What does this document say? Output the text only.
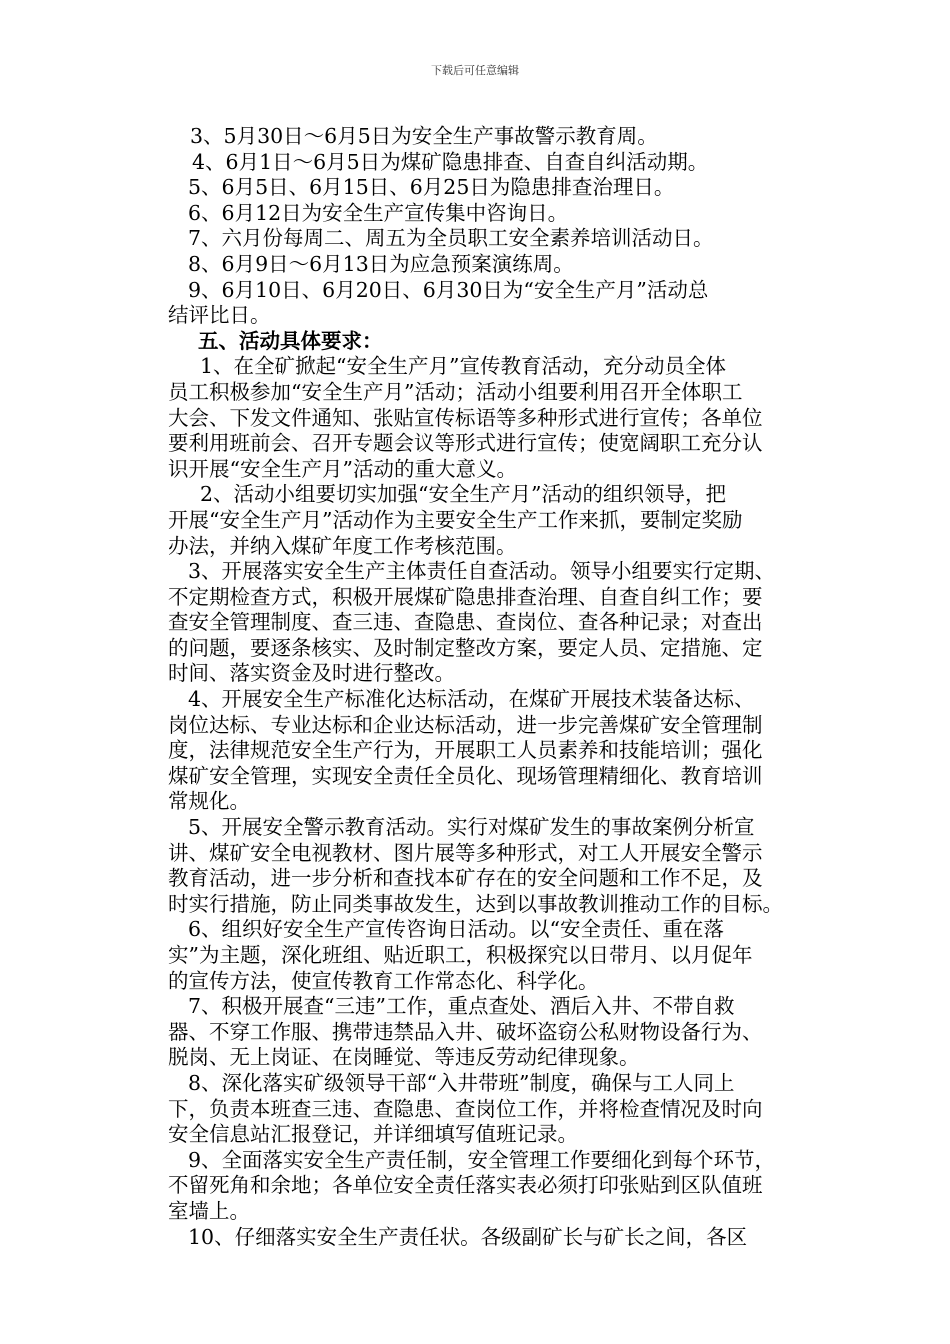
下载后可任意编辑
3、5月30日～6月5日为安全生产事故警示教育周。
4、6月1日～6月5日为煤矿隐患排查、自查自纠活动期。
5、6月5日、6月15日、6月25日为隐患排查治理日。
6、6月12日为安全生产宣传集中咨询日。
7、六月份每周二、周五为全员职工安全素养培训活动日。
8、6月9日～6月13日为应急预案演练周。
9、6月10日、6月20日、6月30日为“安全生产月”活动总
结评比日。
五、活动具体要求：
1、在全矿掀起“安全生产月”宣传教育活动，充分动员全体
员工积极参加“安全生产月”活动；活动小组要利用召开全体职工
大会、下发文件通知、张贴宣传标语等多种形式进行宣传；各单位
要利用班前会、召开专题会议等形式进行宣传；使宽阔职工充分认
识开展“安全生产月”活动的重大意义。
2、活动小组要切实加强“安全生产月”活动的组织领导，把
开展“安全生产月”活动作为主要安全生产工作来抓，要制定奖励
办法，并纳入煤矿年度工作考核范围。
3、开展落实安全生产主体责任自查活动。领导小组要实行定期、
不定期检查方式，积极开展煤矿隐患排查治理、自查自纠工作；要
查安全管理制度、查三违、查隐患、查岗位、查各种记录；对查出
的问题，要逐条核实、及时制定整改方案，要定人员、定措施、定
时间、落实资金及时进行整改。
4、开展安全生产标准化达标活动，在煤矿开展技术装备达标、
岗位达标、专业达标和企业达标活动，进一步完善煤矿安全管理制
度，法律规范安全生产行为，开展职工人员素养和技能培训；强化
煤矿安全管理，实现安全责任全员化、现场管理精细化、教育培训
常规化。
5、开展安全警示教育活动。实行对煤矿发生的事故案例分析宣
讲、煤矿安全电视教材、图片展等多种形式，对工人开展安全警示
教育活动，进一步分析和查找本矿存在的安全问题和工作不足，及
时实行措施，防止同类事故发生，达到以事故教训推动工作的目标。
6、组织好安全生产宣传咨询日活动。以“安全责任、重在落
实”为主题，深化班组、贴近职工，积极探究以日带月、以月促年
的宣传方法，使宣传教育工作常态化、科学化。
7、积极开展查“三违”工作，重点查处、酒后入井、不带自救
器、不穿工作服、携带违禁品入井、破坏盗窃公私财物设备行为、
脱岗、无上岗证、在岗睡觉、等违反劳动纪律现象。
8、深化落实矿级领导干部“入井带班”制度，确保与工人同上
下，负责本班查三违、查隐患、查岗位工作，并将检查情况及时向
安全信息站汇报登记，并详细填写值班记录。
9、全面落实安全生产责任制，安全管理工作要细化到每个环节，
不留死角和余地；各单位安全责任落实表必须打印张贴到区队值班
室墙上。
10、仔细落实安全生产责任状。各级副矿长与矿长之间，各区
